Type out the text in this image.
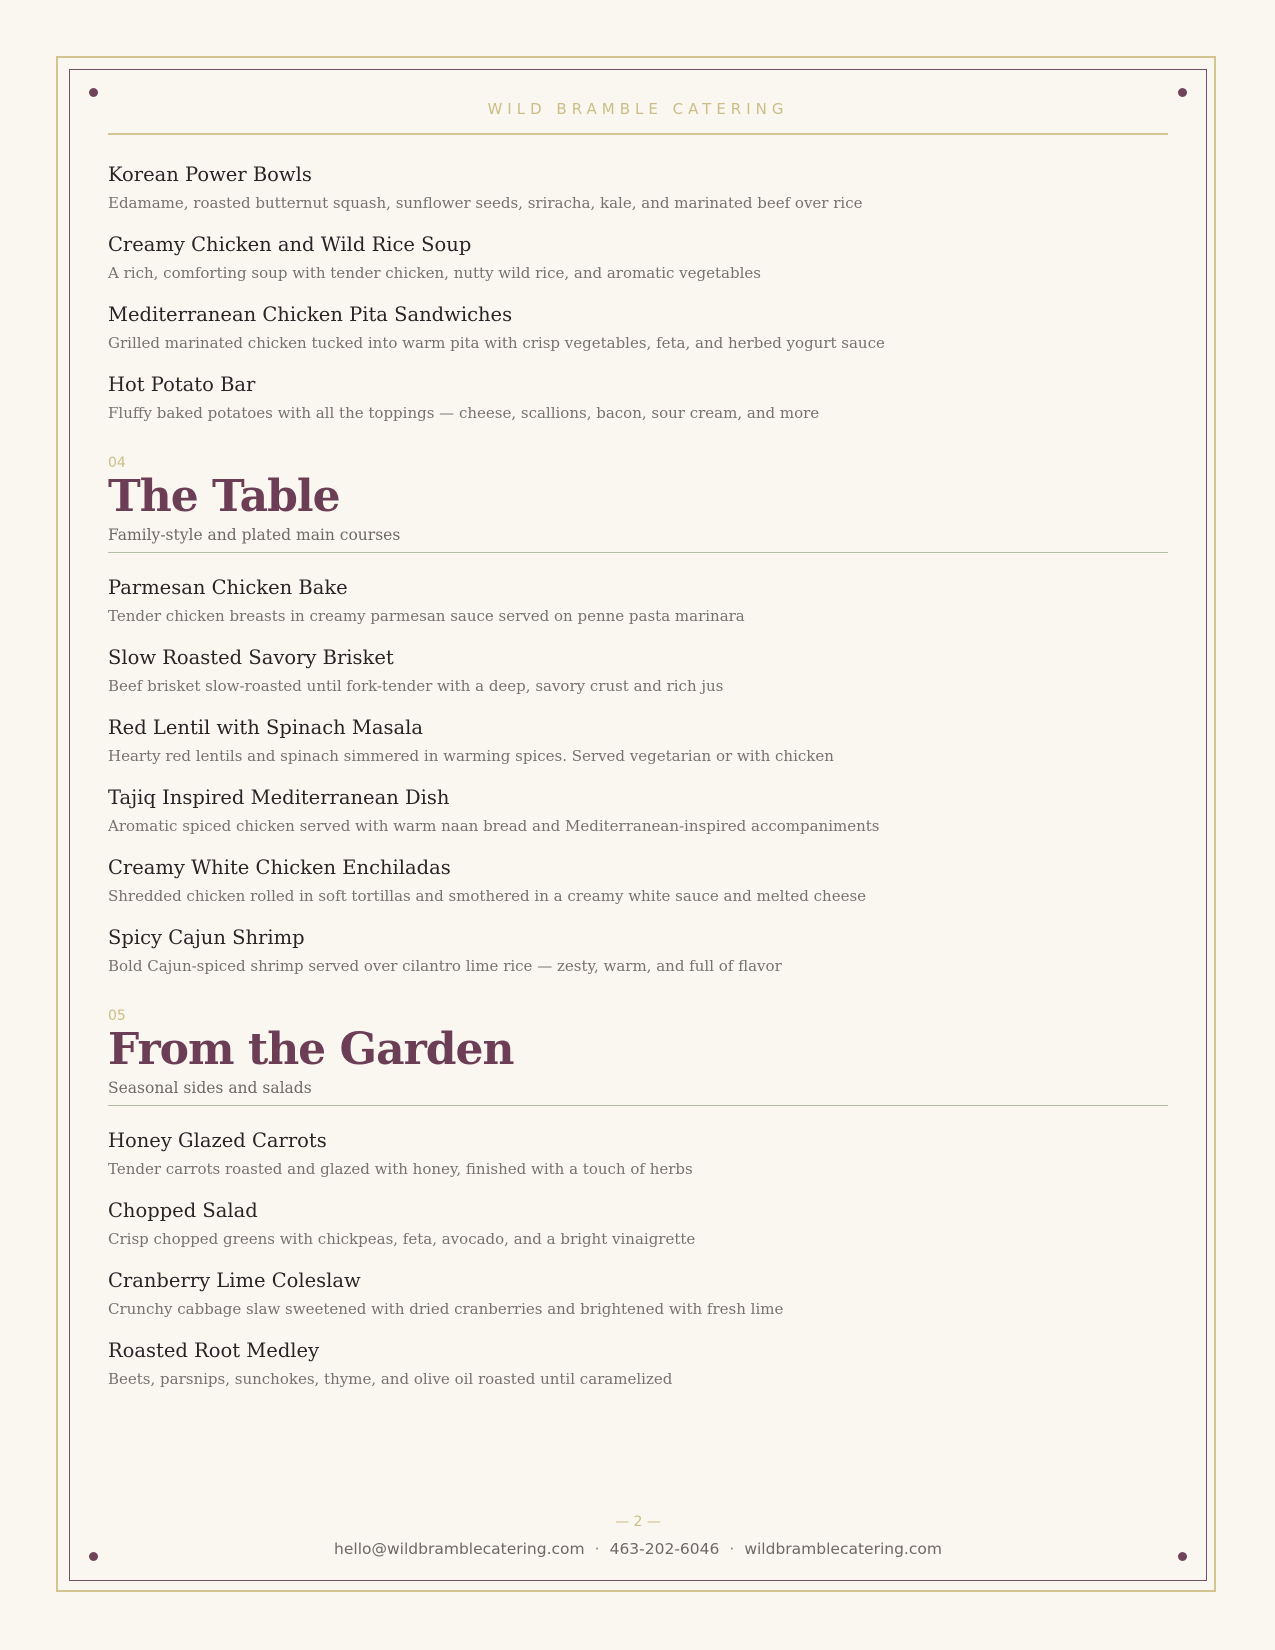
WILD BRAMBLE CATERING
Korean Power Bowls
Edamame, roasted butternut squash, sunflower seeds, sriracha, kale, and marinated beef over rice
Creamy Chicken and Wild Rice Soup
A rich, comforting soup with tender chicken, nutty wild rice, and aromatic vegetables
Mediterranean Chicken Pita Sandwiches
Grilled marinated chicken tucked into warm pita with crisp vegetables, feta, and herbed yogurt sauce
Hot Potato Bar
Fluffy baked potatoes with all the toppings — cheese, scallions, bacon, sour cream, and more
04
The Table
Family-style and plated main courses
Parmesan Chicken Bake
Tender chicken breasts in creamy parmesan sauce served on penne pasta marinara
Slow Roasted Savory Brisket
Beef brisket slow-roasted until fork-tender with a deep, savory crust and rich jus
Red Lentil with Spinach Masala
Hearty red lentils and spinach simmered in warming spices. Served vegetarian or with chicken
Tajiq Inspired Mediterranean Dish
Aromatic spiced chicken served with warm naan bread and Mediterranean-inspired accompaniments
Creamy White Chicken Enchiladas
Shredded chicken rolled in soft tortillas and smothered in a creamy white sauce and melted cheese
Spicy Cajun Shrimp
Bold Cajun-spiced shrimp served over cilantro lime rice — zesty, warm, and full of flavor
05
From the Garden
Seasonal sides and salads
Honey Glazed Carrots
Tender carrots roasted and glazed with honey, finished with a touch of herbs
Chopped Salad
Crisp chopped greens with chickpeas, feta, avocado, and a bright vinaigrette
Cranberry Lime Coleslaw
Crunchy cabbage slaw sweetened with dried cranberries and brightened with fresh lime
Roasted Root Medley
Beets, parsnips, sunchokes, thyme, and olive oil roasted until caramelized
— 2 —
hello@wildbramblecatering.com · 463-202-6046 · wildbramblecatering.com
